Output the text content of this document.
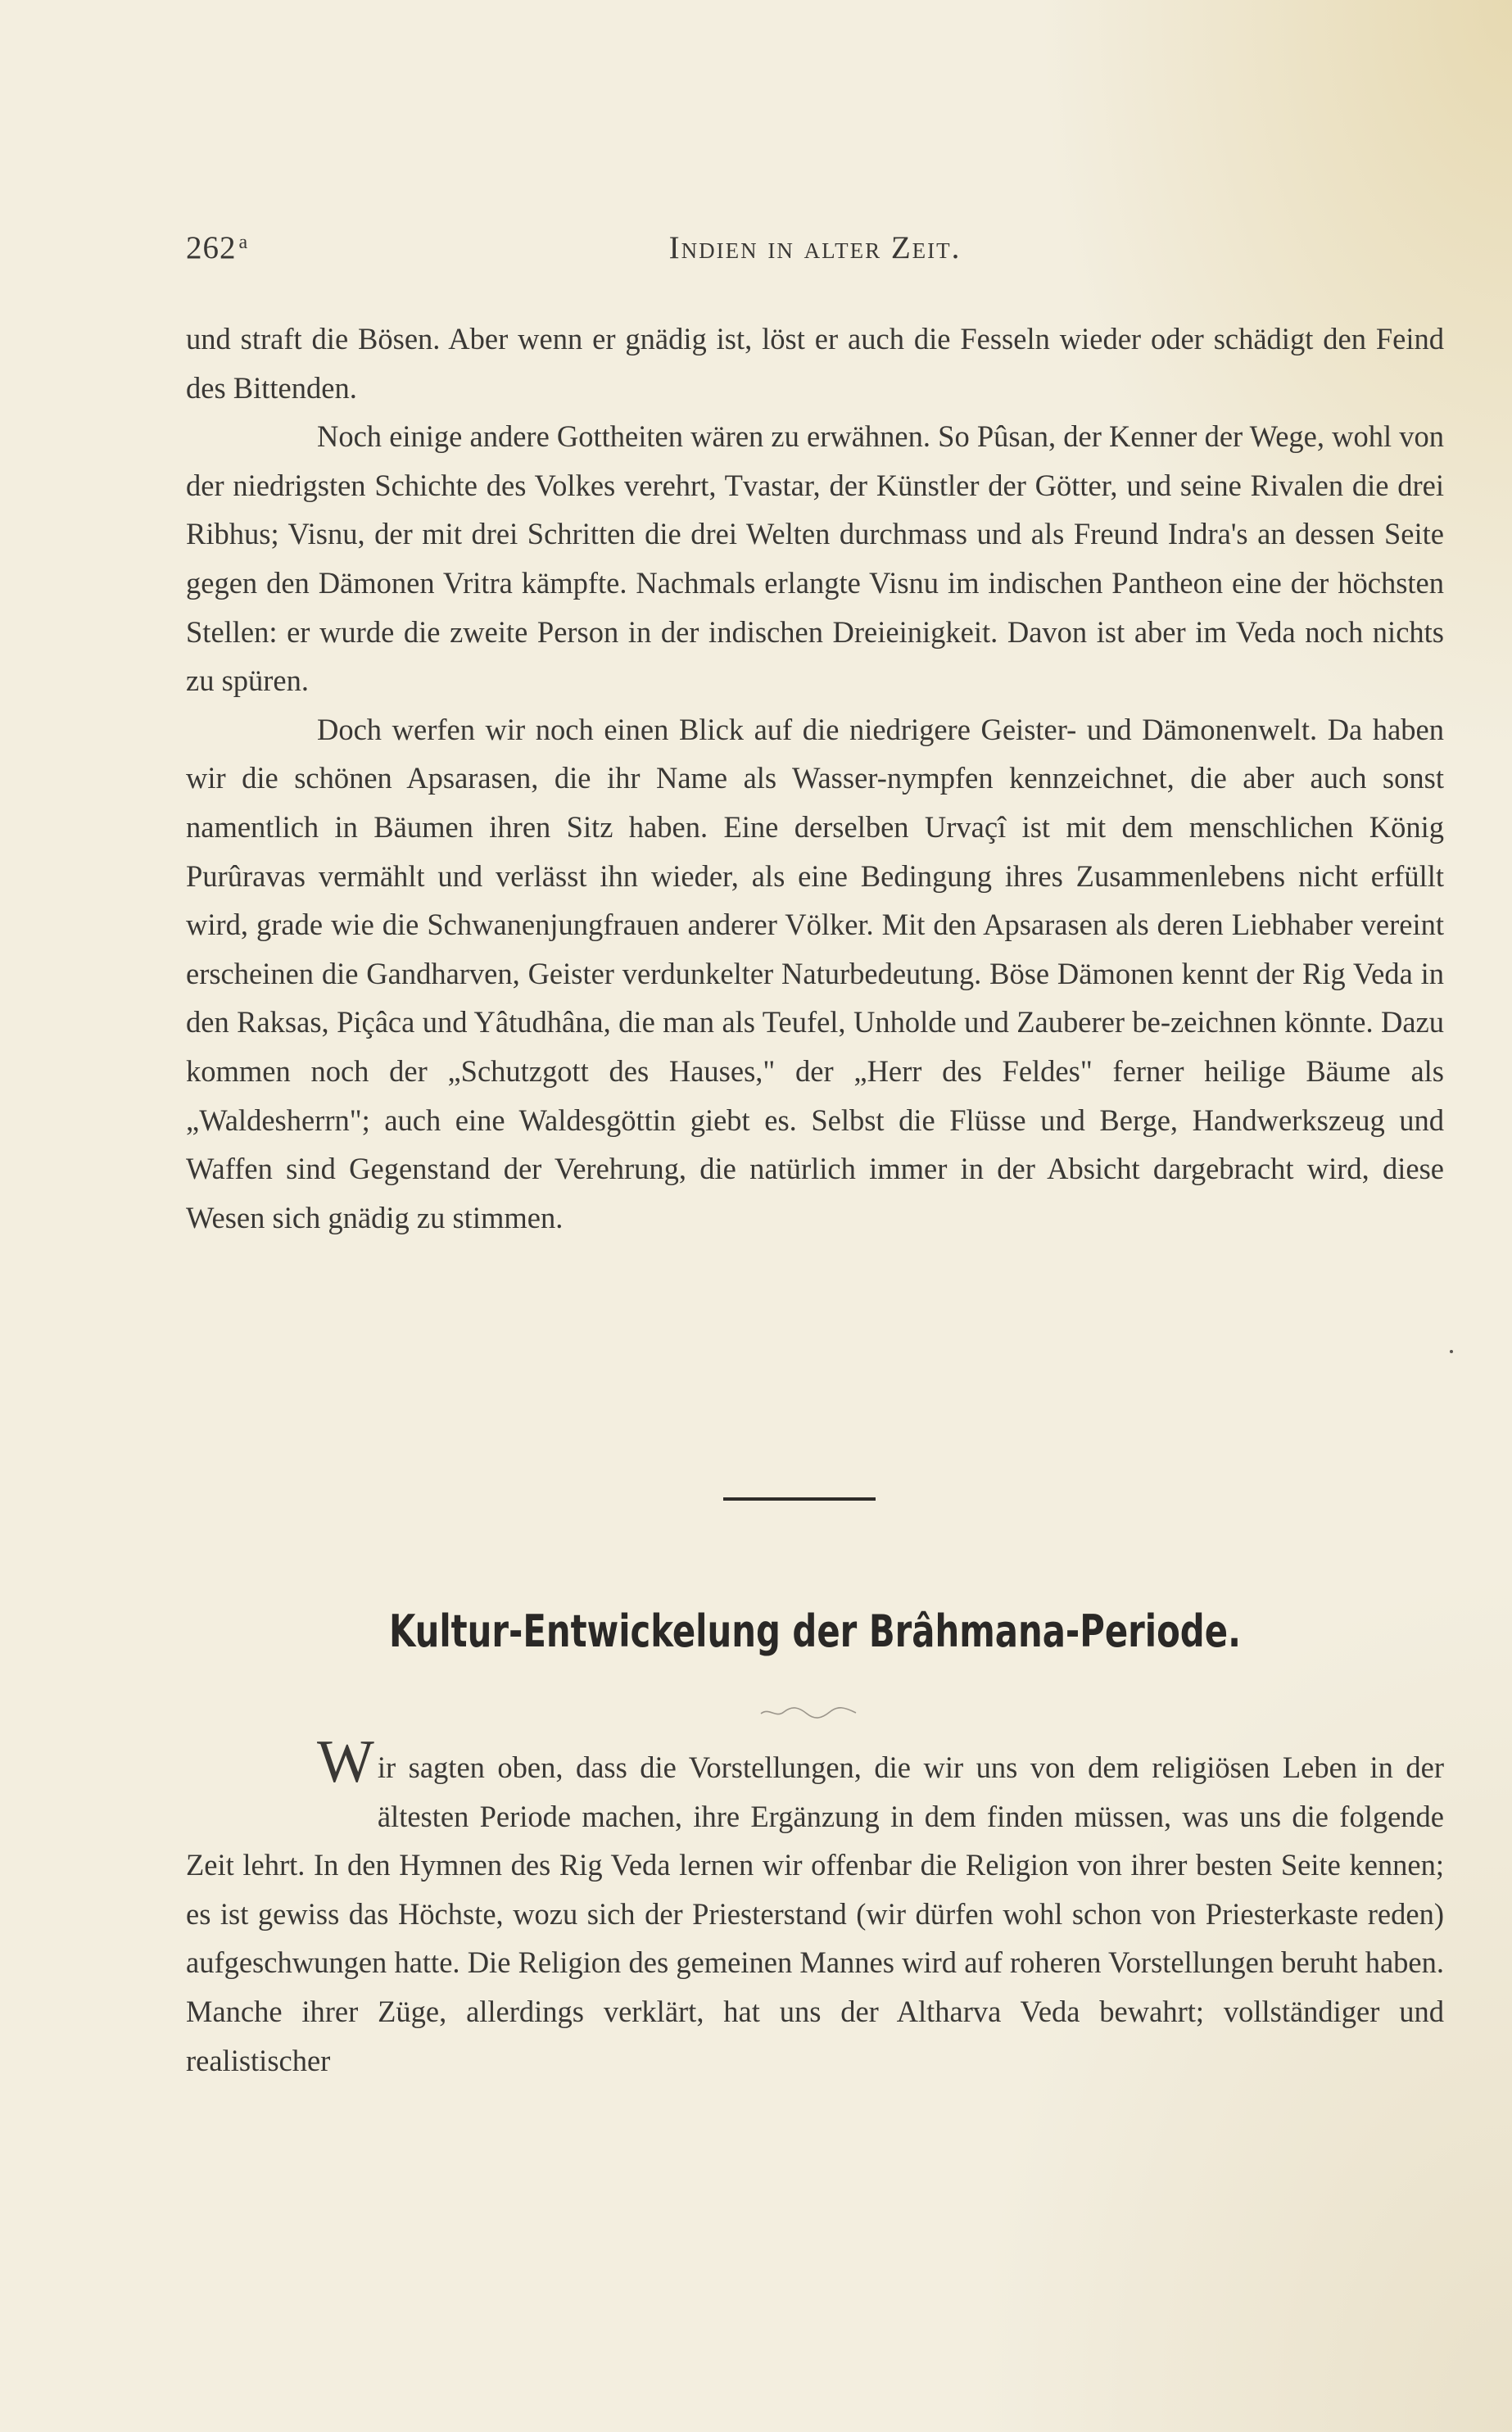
262 $^a$	Indien in alter Zeit.

und straft die Bösen. Aber wenn er gnädig ist, löst er auch die Fesseln wieder oder schädigt den Feind des Bittenden.

Noch einige andere Gottheiten wären zu erwähnen. So Pûsan, der Kenner der Wege, wohl von der niedrigsten Schichte des Volkes verehrt, Tvastar, der Künstler der Götter, und seine Rivalen die drei Ribhus; Visnu, der mit drei Schritten die drei Welten durchmass und als Freund Indra's an dessen Seite gegen den Dämonen Vritra kämpfte. Nachmals erlangte Visnu im indischen Pantheon eine der höchsten Stellen: er wurde die zweite Person in der indischen Dreieinigkeit. Davon ist aber im Veda noch nichts zu spüren.

Doch werfen wir noch einen Blick auf die niedrigere Geister- und Dämonenwelt. Da haben wir die schönen Apsarasen, die ihr Name als Wasser-nympfen kennzeichnet, die aber auch sonst namentlich in Bäumen ihren Sitz haben. Eine derselben Urvaçî ist mit dem menschlichen König Purûravas vermählt und verlässt ihn wieder, als eine Bedingung ihres Zusammenlebens nicht erfüllt wird, grade wie die Schwanenjungfrauen anderer Völker. Mit den Apsarasen als deren Liebhaber vereint erscheinen die Gandharven, Geister verdunkelter Naturbedeutung. Böse Dämonen kennt der Rig Veda in den Raksas, Piçâca und Yâtudhâna, die man als Teufel, Unholde und Zauberer be-zeichnen könnte. Dazu kommen noch der „Schutzgott des Hauses," der „Herr des Feldes" ferner heilige Bäume als „Waldesherrn"; auch eine Waldesgöttin giebt es. Selbst die Flüsse und Berge, Handwerkszeug und Waffen sind Gegenstand der Verehrung, die natürlich immer in der Absicht dargebracht wird, diese Wesen sich gnädig zu stimmen.

Kultur-Entwickelung der Brâhmana-Periode.

Wir sagten oben, dass die Vorstellungen, die wir uns von dem religiösen Leben in der ältesten Periode machen, ihre Ergänzung in dem finden müssen, was uns die folgende Zeit lehrt. In den Hymnen des Rig Veda lernen wir offenbar die Religion von ihrer besten Seite kennen; es ist gewiss das Höchste, wozu sich der Priesterstand (wir dürfen wohl schon von Priesterkaste reden) aufgeschwungen hatte. Die Religion des gemeinen Mannes wird auf roheren Vorstellungen beruht haben. Manche ihrer Züge, allerdings verklärt, hat uns der Altharva Veda bewahrt; vollständiger und realistischer
